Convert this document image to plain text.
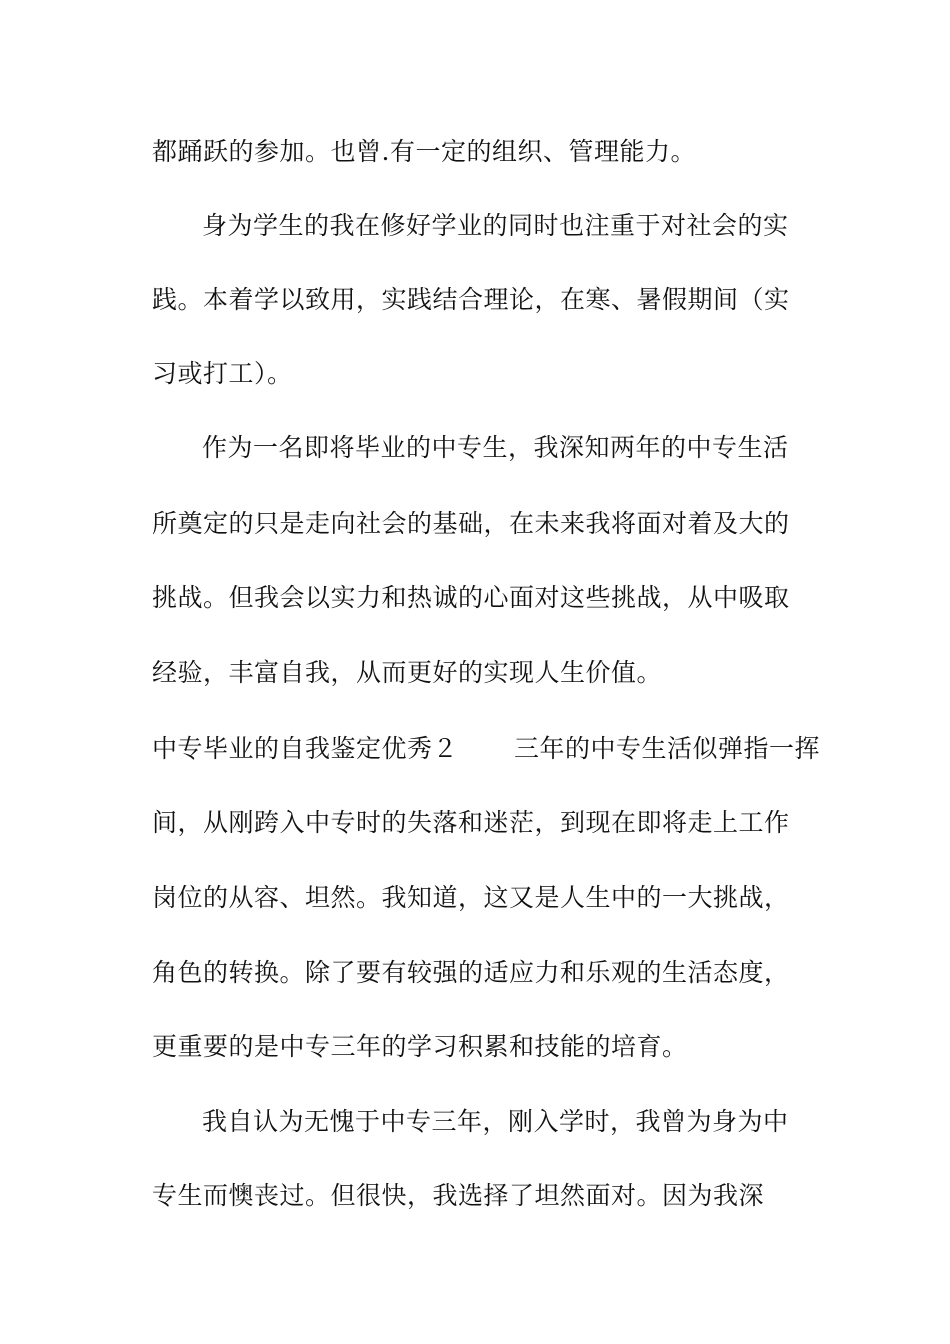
都踊跃的参加。也曾.有一定的组织、管理能力。
身为学生的我在修好学业的同时也注重于对社会的实
践。本着学以致用，实践结合理论，在寒、暑假期间（实
习或打工）。
作为一名即将毕业的中专生，我深知两年的中专生活
所奠定的只是走向社会的基础，在未来我将面对着及大的
挑战。但我会以实力和热诚的心面对这些挑战，从中吸取
经验，丰富自我，从而更好的实现人生价值。
中专毕业的自我鉴定优秀２ 三年的中专生活似弹指一挥
间，从刚跨入中专时的失落和迷茫，到现在即将走上工作
岗位的从容、坦然。我知道，这又是人生中的一大挑战，
角色的转换。除了要有较强的适应力和乐观的生活态度，
更重要的是中专三年的学习积累和技能的培育。
我自认为无愧于中专三年，刚入学时，我曾为身为中
专生而懊丧过。但很快，我选择了坦然面对。因为我深
